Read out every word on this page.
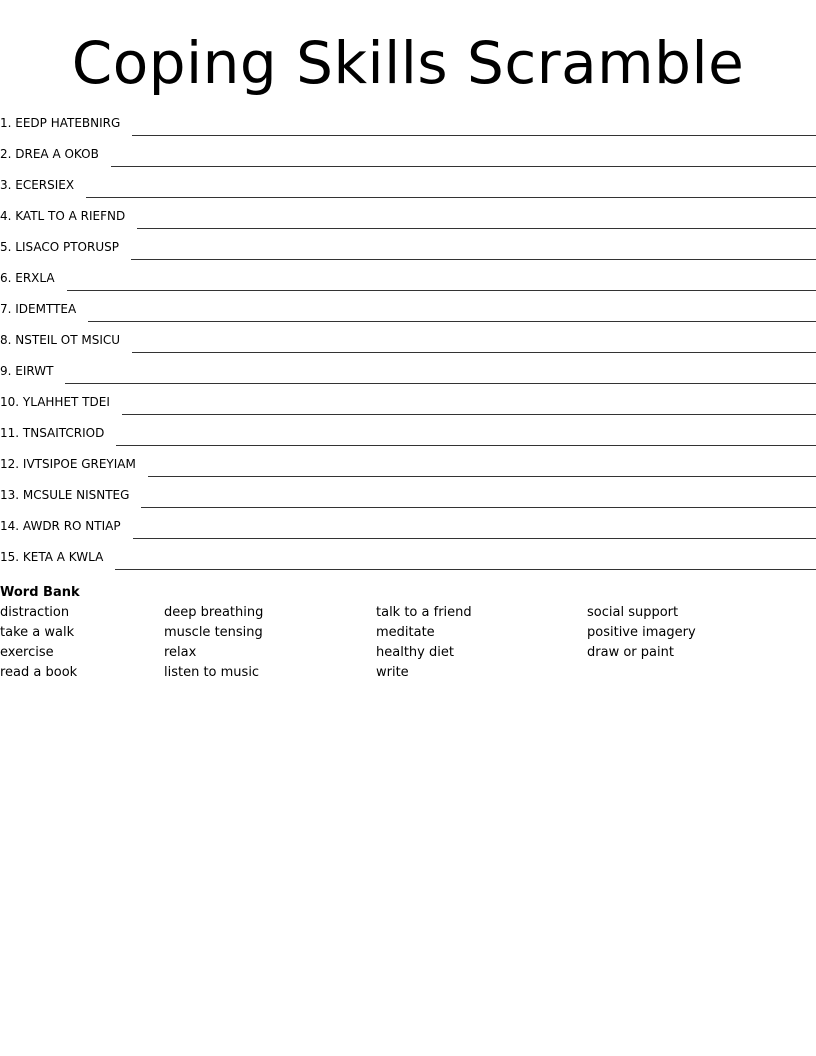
Coping Skills Scramble
1. EEDP HATEBNIRG
2. DREA A OKOB
3. ECERSIEX
4. KATL TO A RIEFND
5. LISACO PTORUSP
6. ERXLA
7. IDEMTTEA
8. NSTEIL OT MSICU
9. EIRWT
10. YLAHHET TDEI
11. TNSAITCRIOD
12. IVTSIPOE GREYIAM
13. MCSULE NISNTEG
14. AWDR RO NTIAP
15. KETA A KWLA
Word Bank
distraction
take a walk
exercise
read a book
deep breathing
muscle tensing
relax
listen to music
talk to a friend
meditate
healthy diet
write
social support
positive imagery
draw or paint
